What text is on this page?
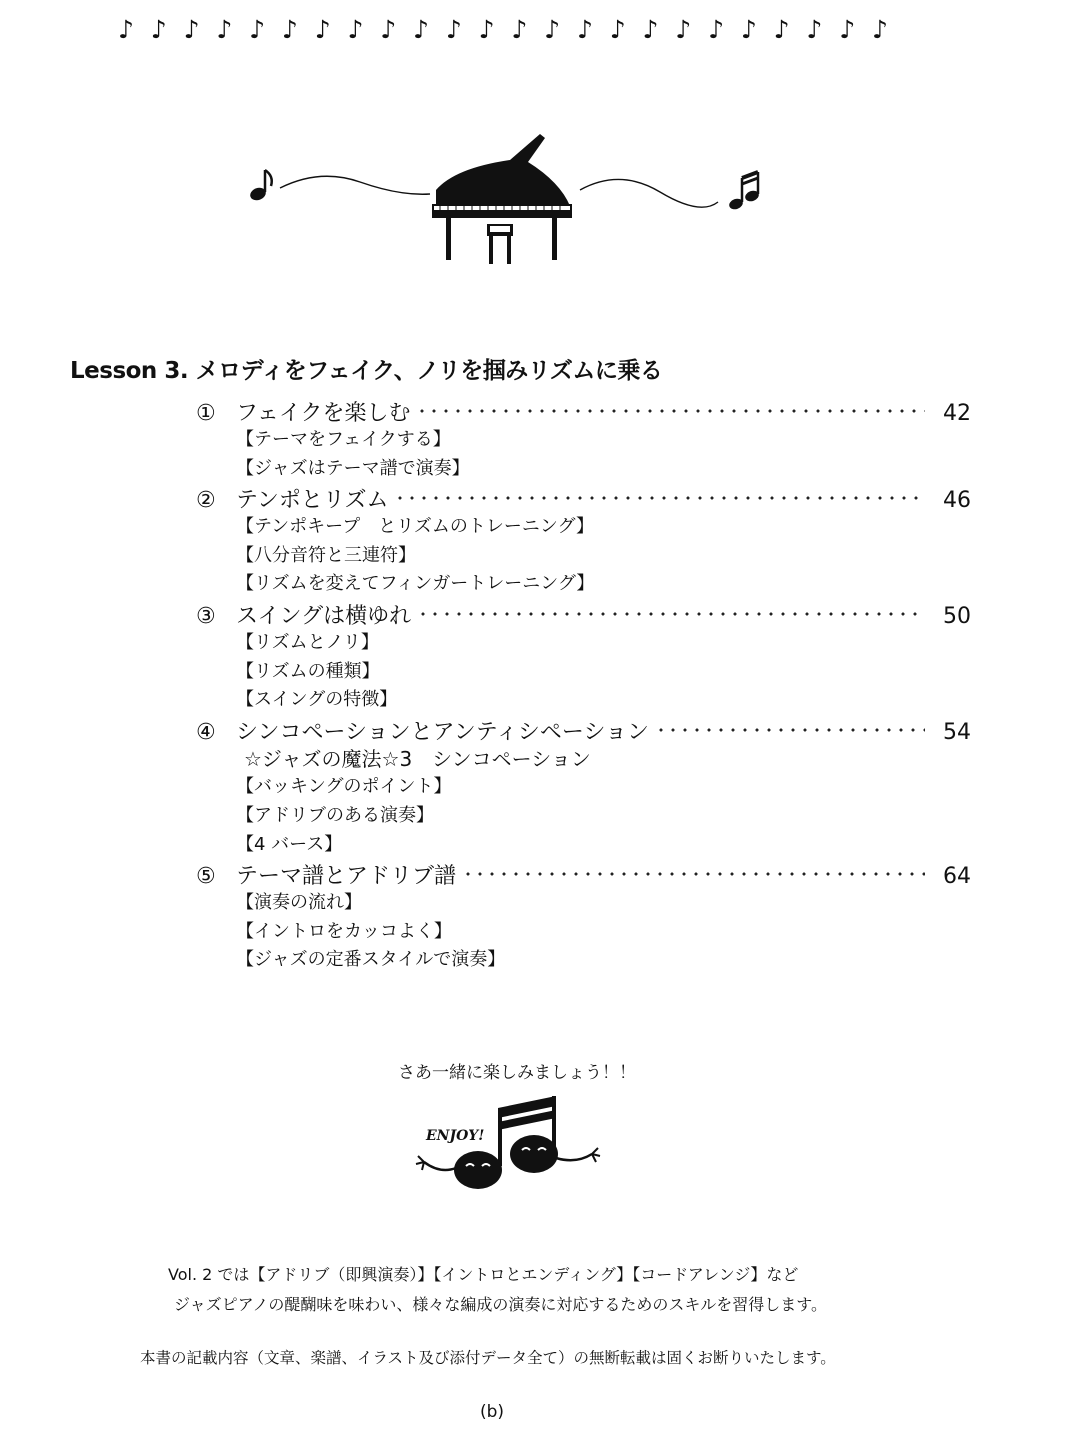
♪ ♪ ♪ ♪ ♪ ♪ ♪ ♪ ♪ ♪ ♪ ♪ ♪ ♪ ♪ ♪ ♪ ♪ ♪ ♪ ♪ ♪ ♪ ♪
Lesson 3. メロディをフェイク、ノリを掴みリズムに乗る
① フェイクを楽しむ	42
【テーマをフェイクする】
【ジャズはテーマ譜で演奏】
② テンポとリズム	46
【テンポキープ　とリズムのトレーニング】
【八分音符と三連符】
【リズムを変えてフィンガートレーニング】
③ スイングは横ゆれ	50
【リズムとノリ】
【リズムの種類】
【スイングの特徴】
④ シンコペーションとアンティシペーション	54
☆ジャズの魔法☆3　シンコペーション
【バッキングのポイント】
【アドリブのある演奏】
【4 バース】
⑤ テーマ譜とアドリブ譜	64
【演奏の流れ】
【イントロをカッコよく】
【ジャズの定番スタイルで演奏】
さあ一緒に楽しみましょう！！
ENJOY!
Vol. 2 では【アドリブ（即興演奏）】【イントロとエンディング】【コードアレンジ】など
ジャズピアノの醍醐味を味わい、様々な編成の演奏に対応するためのスキルを習得します。
本書の記載内容（文章、楽譜、イラスト及び添付データ全て）の無断転載は固くお断りいたします。
(b)
